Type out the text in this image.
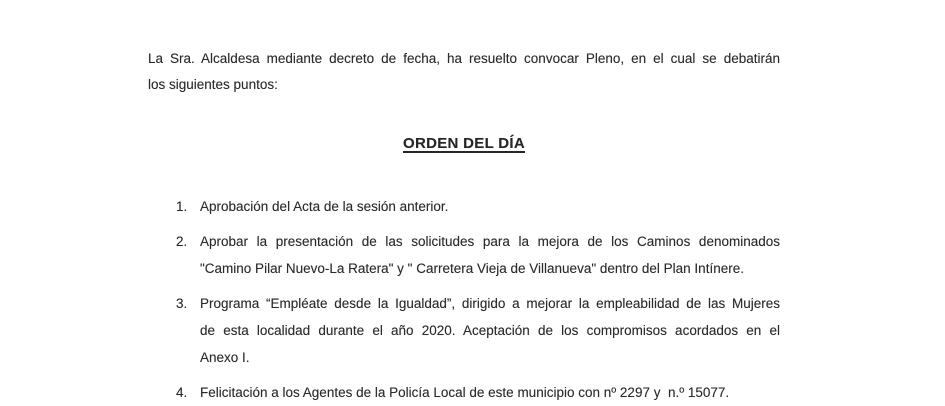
La Sra. Alcaldesa mediante decreto de fecha, ha resuelto convocar Pleno, en el cual se debatirán
los siguientes puntos:
ORDEN DEL DÍA
1. Aprobación del Acta de la sesión anterior.
2. Aprobar la presentación de las solicitudes para la mejora de los Caminos denominados
"Camino Pilar Nuevo-La Ratera" y " Carretera Vieja de Villanueva" dentro del Plan Intínere.
3. Programa “Empléate desde la Igualdad”, dirigido a mejorar la empleabilidad de las Mujeres
de esta localidad durante el año 2020. Aceptación de los compromisos acordados en el
Anexo I.
4. Felicitación a los Agentes de la Policía Local de este municipio con nº 2297 y  n.º 15077.
